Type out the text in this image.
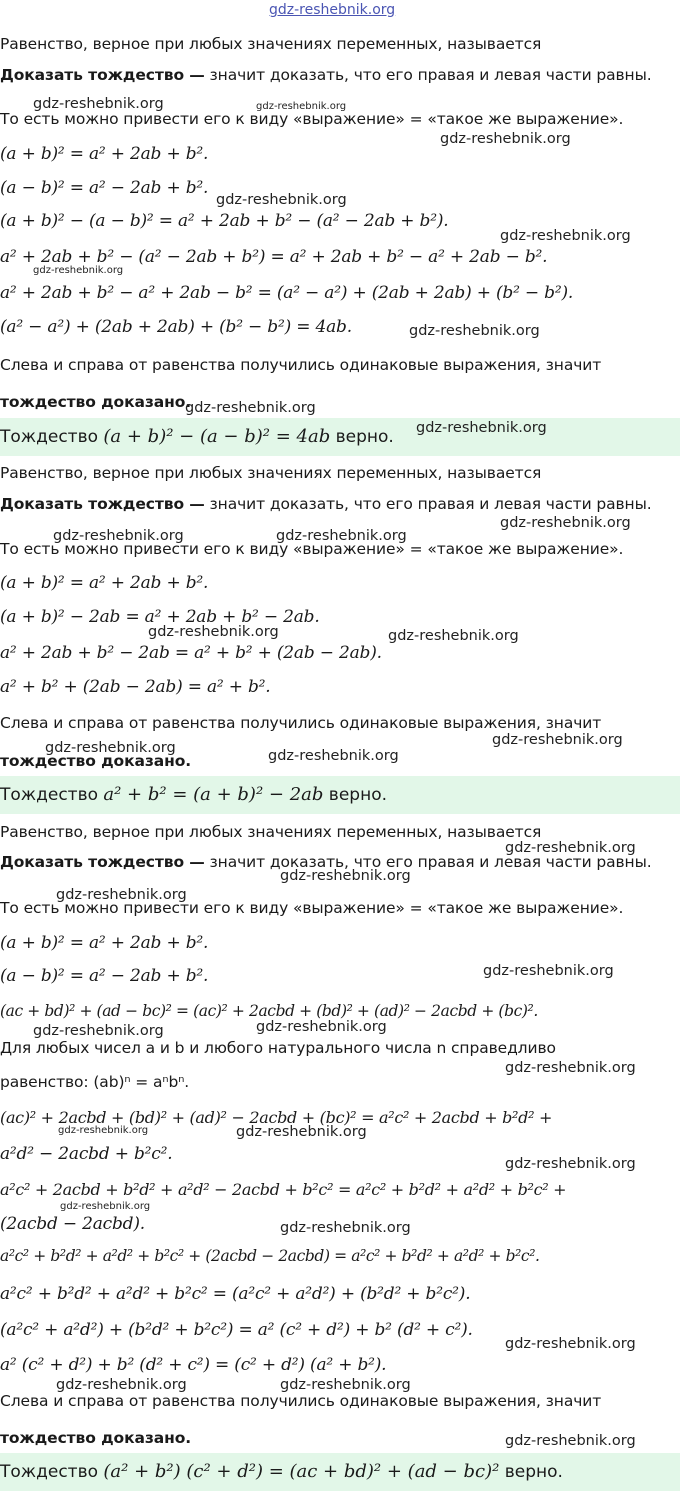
gdz-reshebnik.org
Равенство, верное при любых значениях переменных, называется
Доказать тождество — значит доказать, что его правая и левая части равны.
То есть можно привести его к виду «выражение» = «такое же выражение».
(a + b)² = a² + 2ab + b².
(a − b)² = a² − 2ab + b².
(a + b)² − (a − b)² = a² + 2ab + b² − (a² − 2ab + b²).
a² + 2ab + b² − (a² − 2ab + b²) = a² + 2ab + b² − a² + 2ab − b².
a² + 2ab + b² − a² + 2ab − b² = (a² − a²) + (2ab + 2ab) + (b² − b²).
(a² − a²) + (2ab + 2ab) + (b² − b²) = 4ab.
Слева и справа от равенства получились одинаковые выражения, значит
тождество доказано.
Тождество (a + b)² − (a − b)² = 4ab верно.
Равенство, верное при любых значениях переменных, называется
Доказать тождество — значит доказать, что его правая и левая части равны.
То есть можно привести его к виду «выражение» = «такое же выражение».
(a + b)² = a² + 2ab + b².
(a + b)² − 2ab = a² + 2ab + b² − 2ab.
a² + 2ab + b² − 2ab = a² + b² + (2ab − 2ab).
a² + b² + (2ab − 2ab) = a² + b².
Слева и справа от равенства получились одинаковые выражения, значит
тождество доказано.
Тождество a² + b² = (a + b)² − 2ab верно.
Равенство, верное при любых значениях переменных, называется
Доказать тождество — значит доказать, что его правая и левая части равны.
То есть можно привести его к виду «выражение» = «такое же выражение».
(a + b)² = a² + 2ab + b².
(a − b)² = a² − 2ab + b².
(ac + bd)² + (ad − bc)² = (ac)² + 2acbd + (bd)² + (ad)² − 2acbd + (bc)².
Для любых чисел a и b и любого натурального числа n справедливо
равенство: (ab)ⁿ = aⁿbⁿ.
(ac)² + 2acbd + (bd)² + (ad)² − 2acbd + (bc)² = a²c² + 2acbd + b²d² +
a²d² − 2acbd + b²c².
a²c² + 2acbd + b²d² + a²d² − 2acbd + b²c² = a²c² + b²d² + a²d² + b²c² +
(2acbd − 2acbd).
a²c² + b²d² + a²d² + b²c² + (2acbd − 2acbd) = a²c² + b²d² + a²d² + b²c².
a²c² + b²d² + a²d² + b²c² = (a²c² + a²d²) + (b²d² + b²c²).
(a²c² + a²d²) + (b²d² + b²c²) = a² (c² + d²) + b² (d² + c²).
a² (c² + d²) + b² (d² + c²) = (c² + d²) (a² + b²).
Слева и справа от равенства получились одинаковые выражения, значит
тождество доказано.
Тождество (a² + b²) (c² + d²) = (ac + bd)² + (ad − bc)² верно.
gdz-reshebnik.org	gdz-reshebnik.org
gdz-reshebnik.org
gdz-reshebnik.org
gdz-reshebnik.org
gdz-reshebnik.org
gdz-reshebnik.org
gdz-reshebnik.org
gdz-reshebnik.org
gdz-reshebnik.org
gdz-reshebnik.org	gdz-reshebnik.org
gdz-reshebnik.org	gdz-reshebnik.org
gdz-reshebnik.org
gdz-reshebnik.org	gdz-reshebnik.org
gdz-reshebnik.org
gdz-reshebnik.org
gdz-reshebnik.org
gdz-reshebnik.org
gdz-reshebnik.org
gdz-reshebnik.org
gdz-reshebnik.org
gdz-reshebnik.org	gdz-reshebnik.org
gdz-reshebnik.org
gdz-reshebnik.org
gdz-reshebnik.org
gdz-reshebnik.org
gdz-reshebnik.org	gdz-reshebnik.org
gdz-reshebnik.org
